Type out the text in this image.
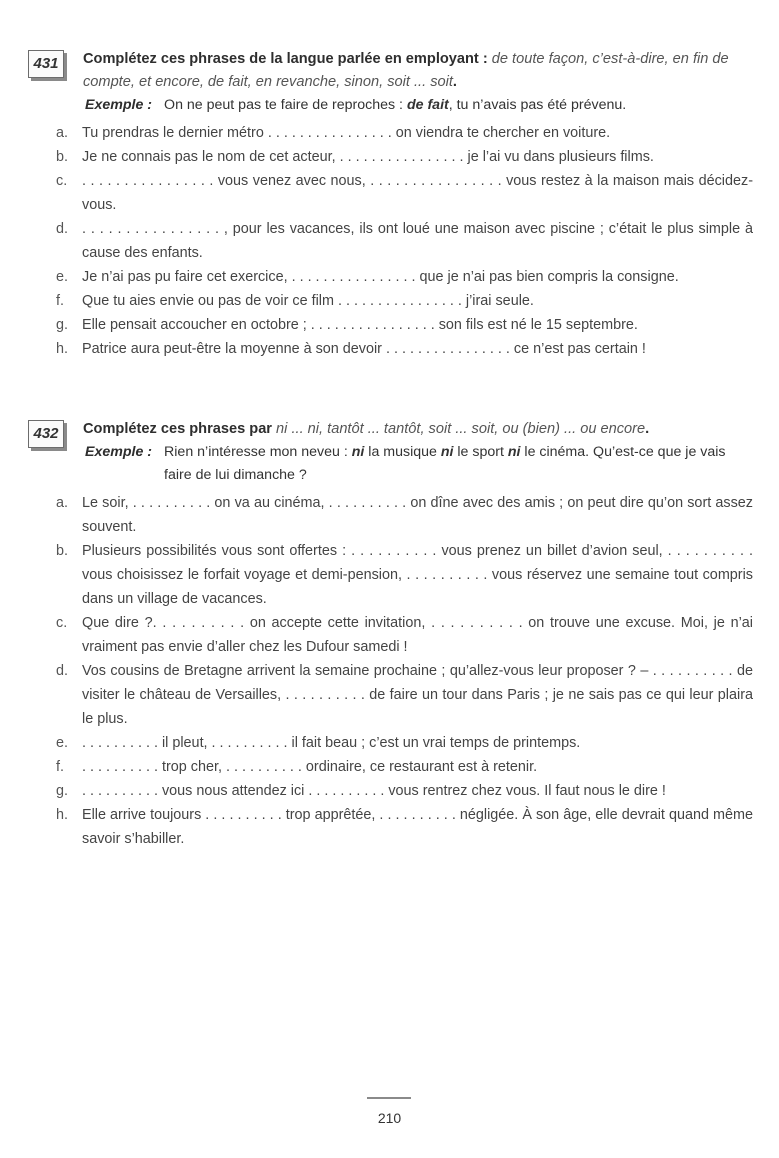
431	Complétez ces phrases de la langue parlée en employant : de toute façon, c’est-à-dire, en fin de compte, et encore, de fait, en revanche, sinon, soit ... soit.
Exemple : On ne peut pas te faire de reproches : de fait, tu n’avais pas été prévenu.
a. Tu prendras le dernier métro . . . . . . . . . . . . . . . . on viendra te chercher en voiture.
b. Je ne connais pas le nom de cet acteur, . . . . . . . . . . . . . . . . je l’ai vu dans plusieurs films.
c.	. . . . . . . . . . . . . . . . vous venez avec nous, . . . . . . . . . . . . . . . . vous restez à la maison mais décidez-vous.
d. . . . . . . . . . . . . . . . . , pour les vacances, ils ont loué une maison avec piscine ; c’était le plus simple à cause des enfants.
e. Je n’ai pas pu faire cet exercice, . . . . . . . . . . . . . . . . que je n’ai pas bien compris la consigne.
f.	Que tu aies envie ou pas de voir ce film . . . . . . . . . . . . . . . . j’irai seule.
g. Elle pensait accoucher en octobre ; . . . . . . . . . . . . . . . . son fils est né le 15 septembre.
h. Patrice aura peut-être la moyenne à son devoir . . . . . . . . . . . . . . . . ce n’est pas certain !
432	Complétez ces phrases par ni ... ni, tantôt ... tantôt, soit ... soit, ou (bien) ... ou encore.
Exemple : Rien n’intéresse mon neveu : ni la musique ni le sport ni le cinéma. Qu’est-ce que je vais faire de lui dimanche ?
a. Le soir, . . . . . . . . . . on va au cinéma, . . . . . . . . . . on dîne avec des amis ; on peut dire qu’on sort assez souvent.
b. Plusieurs possibilités vous sont offertes : . . . . . . . . . . vous prenez un billet d’avion seul, . . . . . . . . . . vous choisissez le forfait voyage et demi-pension, . . . . . . . . . . vous réservez une semaine tout compris dans un village de vacances.
c.	Que dire ?. . . . . . . . . . on accepte cette invitation, . . . . . . . . . . on trouve une excuse. Moi, je n’ai vraiment pas envie d’aller chez les Dufour samedi !
d. Vos cousins de Bretagne arrivent la semaine prochaine ; qu’allez-vous leur proposer ? – . . . . . . . . . . de visiter le château de Versailles, . . . . . . . . . . de faire un tour dans Paris ; je ne sais pas ce qui leur plaira le plus.
e. . . . . . . . . . . il pleut, . . . . . . . . . . il fait beau ; c’est un vrai temps de printemps.
f.	. . . . . . . . . . trop cher, . . . . . . . . . . ordinaire, ce restaurant est à retenir.
g. . . . . . . . . . . vous nous attendez ici . . . . . . . . . . vous rentrez chez vous. Il faut nous le dire !
h. Elle arrive toujours . . . . . . . . . . trop apprêtée, . . . . . . . . . . négligée. À son âge, elle devrait quand même savoir s’habiller.
210
